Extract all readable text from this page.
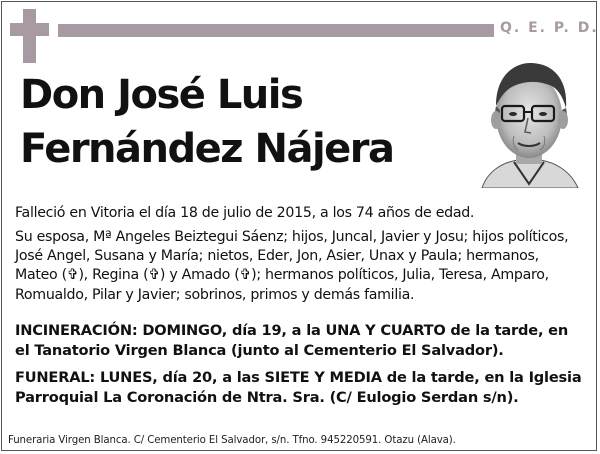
Q. E. P. D.
Don José Luis
Fernández Nájera
Falleció en Vitoria el día 18 de julio de 2015, a los 74 años de edad.
Su esposa, Mª Angeles Beiztegui Sáenz; hijos, Juncal, Javier y Josu; hijos políticos, José Angel, Susana y María; nietos, Eder, Jon, Asier, Unax y Paula; hermanos, Mateo (✞), Regina (✞) y Amado (✞); hermanos políticos, Julia, Teresa, Amparo, Romualdo, Pilar y Javier; sobrinos, primos y demás familia.
INCINERACIÓN: DOMINGO, día 19, a la UNA Y CUARTO de la tarde, en el Tanatorio Virgen Blanca (junto al Cementerio El Salvador).
FUNERAL: LUNES, día 20, a las SIETE Y MEDIA de la tarde, en la Iglesia Parroquial La Coronación de Ntra. Sra. (C/ Eulogio Serdan s/n).
Funeraria Virgen Blanca. C/ Cementerio El Salvador, s/n. Tfno. 945220591. Otazu (Alava).
